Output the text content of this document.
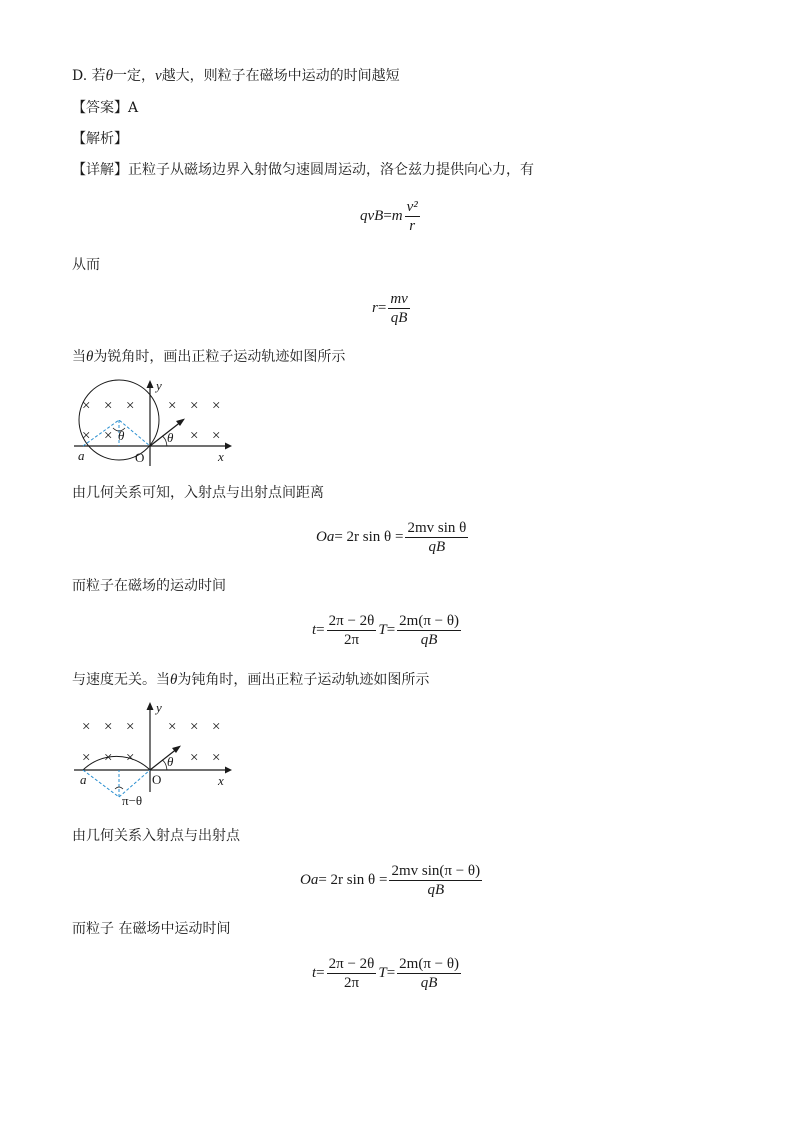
D. 若θ一定，v越大，则粒子在磁场中运动的时间越短
【答案】A
【解析】
【详解】正粒子从磁场边界入射做匀速圆周运动，洛仑兹力提供向心力，有
$qvB=m \frac{\text{v²}}{r}$
从而
$r= \frac{mv}{qB}$
当θ为锐角时，画出正粒子运动轨迹如图所示
× × × × × ×
× ×	× ×
θ	θ
a	O	x
y
由几何关系可知，入射点与出射点间距离
Oa= 2r $\sin \theta = \frac{\text{2mv sin θ}}{qB}$
而粒子在磁场的运动时间
$t= \frac{2\pi - 2\theta}{2\pi} T= \frac{2m(\pi - \theta)}{qB}$
与速度无关。当θ为钝角时，画出正粒子运动轨迹如图所示
× × × × × ×
× × ×	× ×
θ
a	O	x
y
π−θ
由几何关系入射点与出射点
Oa= 2r $\sin \theta = \frac{\text{2mv sin(π − θ)}}{qB}$
而粒子 在磁场中运动时间
$t= \frac{2\pi - 2\theta}{2\pi} T= \frac{2m(\pi - \theta)}{qB}$
